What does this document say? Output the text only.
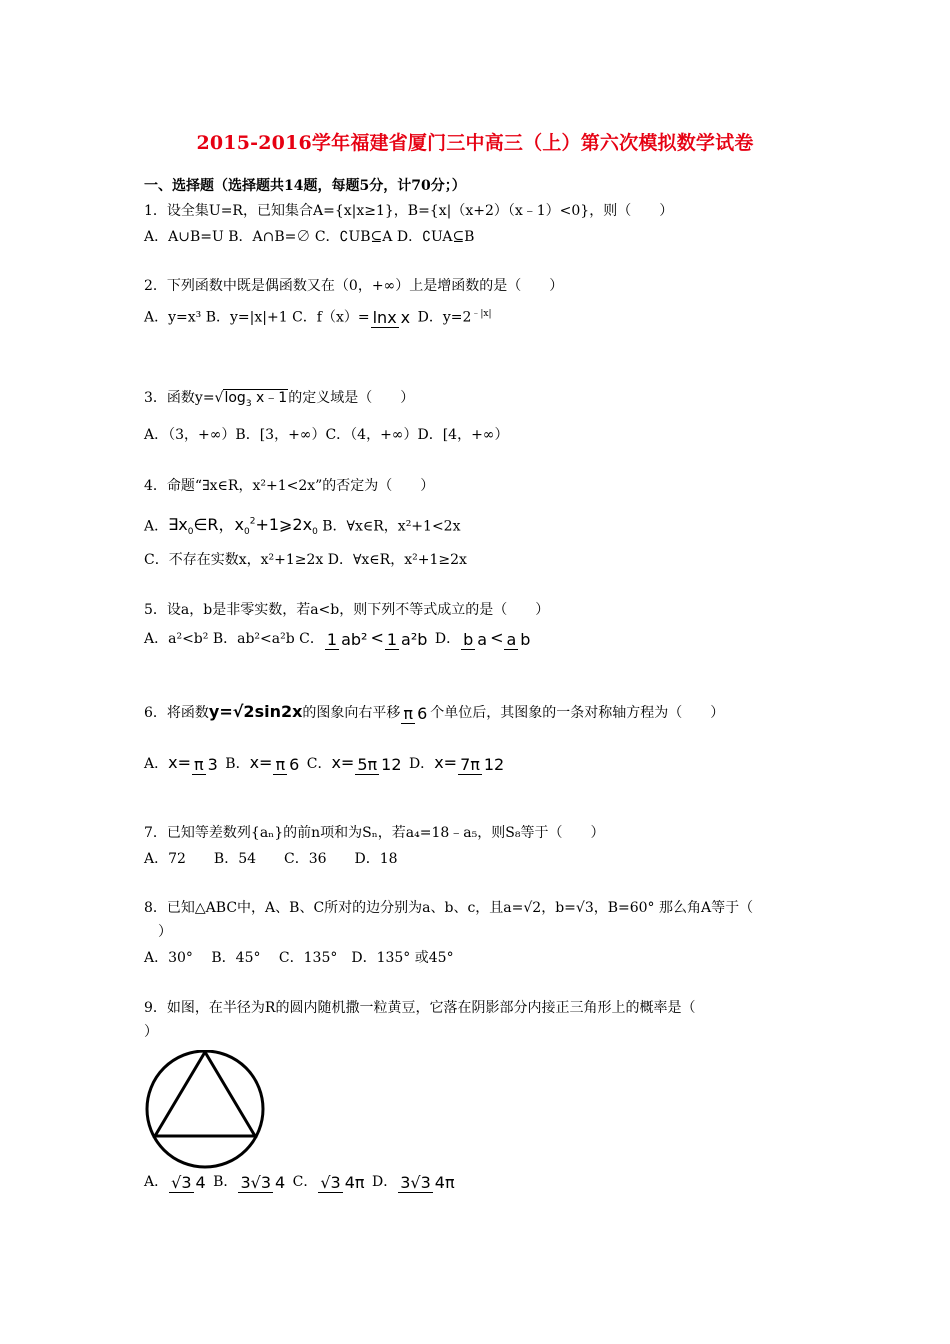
2015-2016学年福建省厦门三中高三（上）第六次模拟数学试卷
一、选择题（选择题共14题，每题5分，计70分；）
1．设全集U=R，已知集合A={x|x≥1}，B={x|（x+2）（x﹣1）<0}，则（　　）
A．A∪B=U B．A∩B=∅ C．∁UB⊆A D．∁UA⊆B
2．下列函数中既是偶函数又在（0，+∞）上是增函数的是（　　）
A．y=x³ B．y=|x|+1 C．f（x）= lnx x D．$y=2^{﹣|x|}$
3．函数$y=√\log_3$ x﹣1的定义域是（　　）
A．（3，+∞）B．[3，+∞）C．（4，+∞）D．[4，+∞）
4．命题“∃x∈R，x²+1<2x”的否定为（　　）
A．$\exists x_0\in R$，$x_0^2+1⩾2x_0$ B．∀x∈R，x²+1<2x
C．不存在实数x，x²+1≥2x D．∀x∈R，x²+1≥2x
5．设a，b是非零实数，若a<b，则下列不等式成立的是（　　）
A．a²<b² B．ab²<a²b C． 1 ab² < 1 a²b D． b a < a b
6．将函数y=√2sin2x的图象向右平移 π 6 个单位后，其图象的一条对称轴方程为（　　）
A．x= π 3 B．x= π 6 C．x= 5π 12 D．x= 7π 12
7．已知等差数列{aₙ}的前n项和为Sₙ，若a₄=18﹣a₅，则S₈等于（　　）
A．72　　B．54　　C．36　　D．18
8．已知△ABC中，A、B、C所对的边分别为a、b、c，且a=√2，b=√3，B=60° 那么角A等于（
）
A．30°　 B．45°　 C．135°　D．135° 或45°
9．如图，在半径为R的圆内随机撒一粒黄豆，它落在阴影部分内接正三角形上的概率是（
）
A． √3 4 B． 3√3 4 C． √3 4π D． 3√3 4π
